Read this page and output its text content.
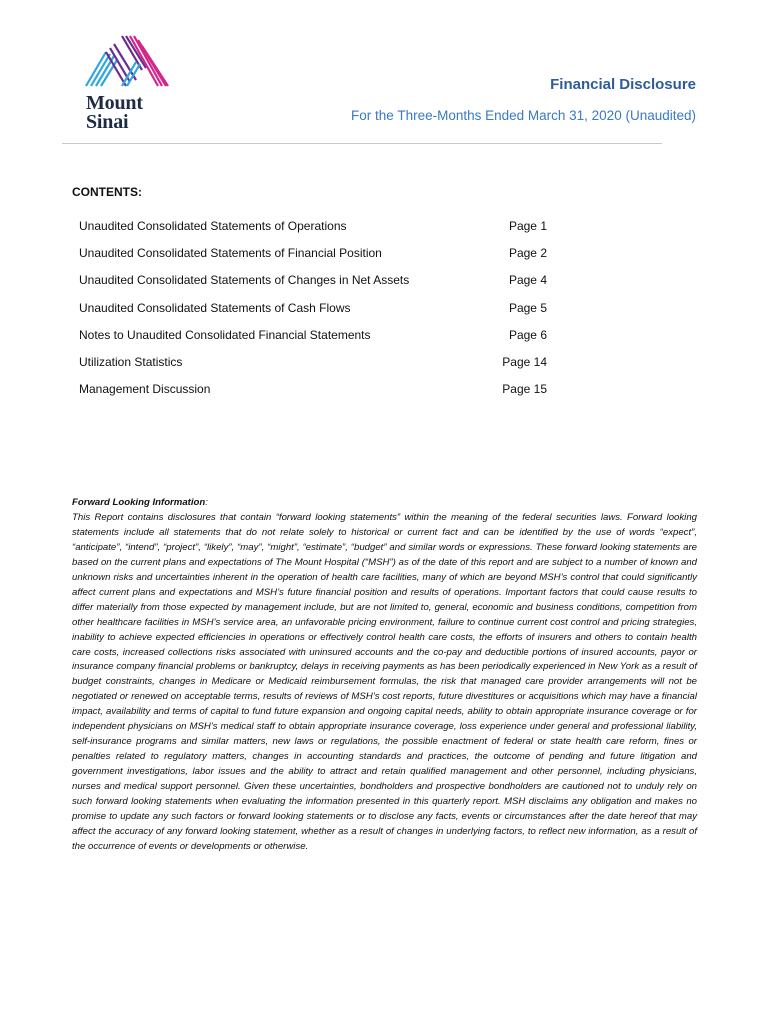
Mount
Sinai
Financial Disclosure
For the Three-Months Ended March 31, 2020 (Unaudited)
CONTENTS:
Unaudited Consolidated Statements of Operations	Page 1
Unaudited Consolidated Statements of Financial Position	Page 2
Unaudited Consolidated Statements of Changes in Net Assets	Page 4
Unaudited Consolidated Statements of Cash Flows	Page 5
Notes to Unaudited Consolidated Financial Statements	Page 6
Utilization Statistics	Page 14
Management Discussion	Page 15
Forward Looking Information:
This Report contains disclosures that contain “forward looking statements” within the meaning of the federal securities laws. Forward looking statements include all statements that do not relate solely to historical or current fact and can be identified by the use of words “expect”, “anticipate”, “intend”, “project”, “likely”, “may”, “might”, “estimate”, “budget” and similar words or expressions. These forward looking statements are based on the current plans and expectations of The Mount Hospital (“MSH”) as of the date of this report and are subject to a number of known and unknown risks and uncertainties inherent in the operation of health care facilities, many of which are beyond MSH’s control that could significantly affect current plans and expectations and MSH’s future financial position and results of operations. Important factors that could cause results to differ materially from those expected by management include, but are not limited to, general, economic and business conditions, competition from other healthcare facilities in MSH’s service area, an unfavorable pricing environment, failure to continue current cost control and pricing strategies, inability to achieve expected efficiencies in operations or effectively control health care costs, the efforts of insurers and others to contain health care costs, increased collections risks associated with uninsured accounts and the co-pay and deductible portions of insured accounts, payor or insurance company financial problems or bankruptcy, delays in receiving payments as has been periodically experienced in New York as a result of budget constraints, changes in Medicare or Medicaid reimbursement formulas, the risk that managed care provider arrangements will not be negotiated or renewed on acceptable terms, results of reviews of MSH’s cost reports, future divestitures or acquisitions which may have a financial impact, availability and terms of capital to fund future expansion and ongoing capital needs, ability to obtain appropriate insurance coverage or for independent physicians on MSH’s medical staff to obtain appropriate insurance coverage, loss experience under general and professional liability, self-insurance programs and similar matters, new laws or regulations, the possible enactment of federal or state health care reform, fines or penalties related to regulatory matters, changes in accounting standards and practices, the outcome of pending and future litigation and government investigations, labor issues and the ability to attract and retain qualified management and other personnel, including physicians, nurses and medical support personnel. Given these uncertainties, bondholders and prospective bondholders are cautioned not to unduly rely on such forward looking statements when evaluating the information presented in this quarterly report. MSH disclaims any obligation and makes no promise to update any such factors or forward looking statements or to disclose any facts, events or circumstances after the date hereof that may affect the accuracy of any forward looking statement, whether as a result of changes in underlying factors, to reflect new information, as a result of the occurrence of events or developments or otherwise.
